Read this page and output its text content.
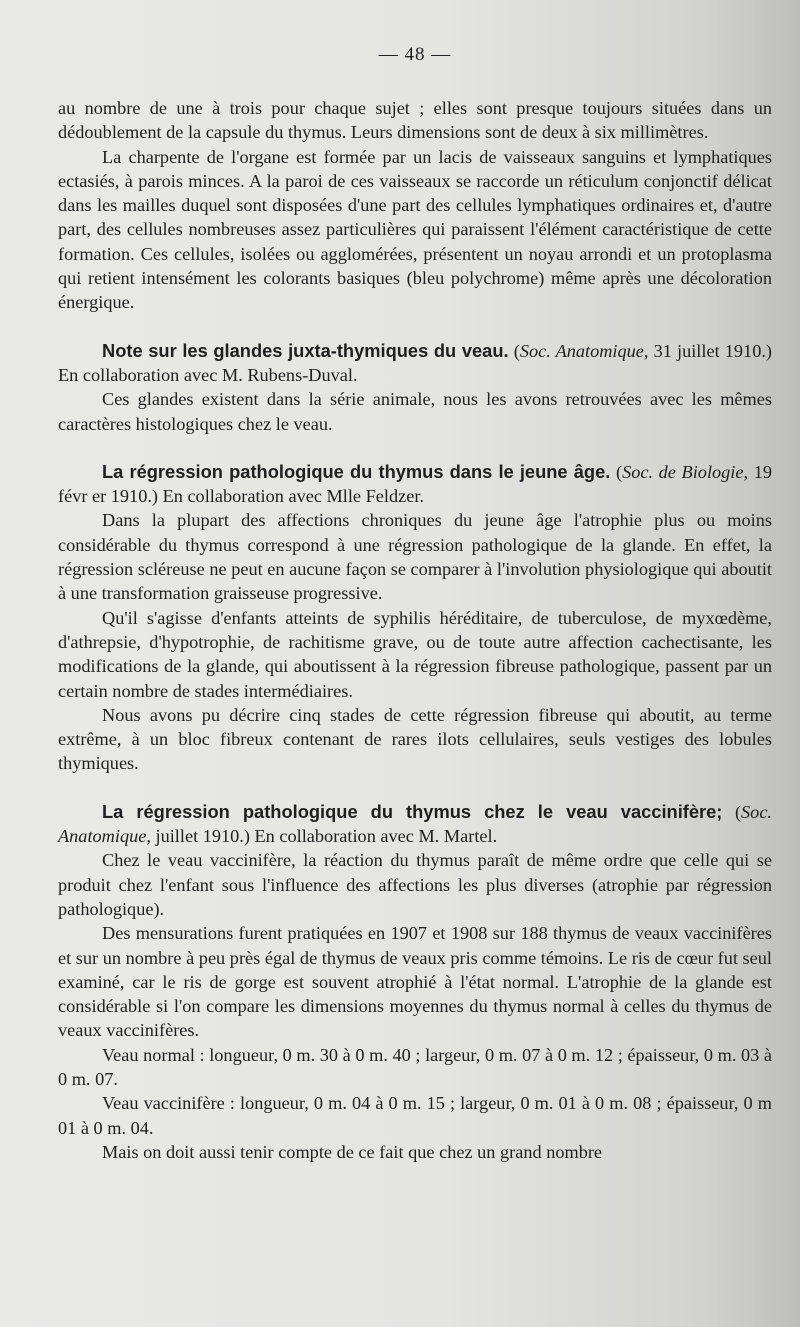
— 48 —

au nombre de une à trois pour chaque sujet ; elles sont presque toujours situées dans un dédoublement de la capsule du thymus. Leurs dimensions sont de deux à six millimètres.

La charpente de l'organe est formée par un lacis de vaisseaux sanguins et lymphatiques ectasiés, à parois minces. A la paroi de ces vaisseaux se raccorde un réticulum conjonctif délicat dans les mailles duquel sont disposées d'une part des cellules lymphatiques ordinaires et, d'autre part, des cellules nombreuses assez particulières qui paraissent l'élément caractéristique de cette formation. Ces cellules, isolées ou agglomérées, présentent un noyau arrondi et un protoplasma qui retient intensément les colorants basiques (bleu polychrome) même après une décoloration énergique.

Note sur les glandes juxta-thymiques du veau. (Soc. Anatomique, 31 juillet 1910.) En collaboration avec M. Rubens-Duval.

Ces glandes existent dans la série animale, nous les avons retrouvées avec les mêmes caractères histologiques chez le veau.

La régression pathologique du thymus dans le jeune âge. (Soc. de Biologie, 19 févr er 1910.) En collaboration avec Mlle Feldzer.

Dans la plupart des affections chroniques du jeune âge l'atrophie plus ou moins considérable du thymus correspond à une régression pathologique de la glande. En effet, la régression scléreuse ne peut en aucune façon se comparer à l'involution physiologique qui aboutit à une transformation graisseuse progressive.

Qu'il s'agisse d'enfants atteints de syphilis héréditaire, de tuberculose, de myxœdème, d'athrepsie, d'hypotrophie, de rachitisme grave, ou de toute autre affection cachectisante, les modifications de la glande, qui aboutissent à la régression fibreuse pathologique, passent par un certain nombre de stades intermédiaires.

Nous avons pu décrire cinq stades de cette régression fibreuse qui aboutit, au terme extrême, à un bloc fibreux contenant de rares ilots cellulaires, seuls vestiges des lobules thymiques.

La régression pathologique du thymus chez le veau vaccinifère; (Soc. Anatomique, juillet 1910.) En collaboration avec M. Martel.

Chez le veau vaccinifère, la réaction du thymus paraît de même ordre que celle qui se produit chez l'enfant sous l'influence des affections les plus diverses (atrophie par régression pathologique).

Des mensurations furent pratiquées en 1907 et 1908 sur 188 thymus de veaux vaccinifères et sur un nombre à peu près égal de thymus de veaux pris comme témoins. Le ris de cœur fut seul examiné, car le ris de gorge est souvent atrophié à l'état normal. L'atrophie de la glande est considérable si l'on compare les dimensions moyennes du thymus normal à celles du thymus de veaux vaccinifères.

Veau normal : longueur, 0 m. 30 à 0 m. 40 ; largeur, 0 m. 07 à 0 m. 12 ; épaisseur, 0 m. 03 à 0 m. 07.

Veau vaccinifère : longueur, 0 m. 04 à 0 m. 15 ; largeur, 0 m. 01 à 0 m. 08 ; épaisseur, 0 m 01 à 0 m. 04.

Mais on doit aussi tenir compte de ce fait que chez un grand nombre
